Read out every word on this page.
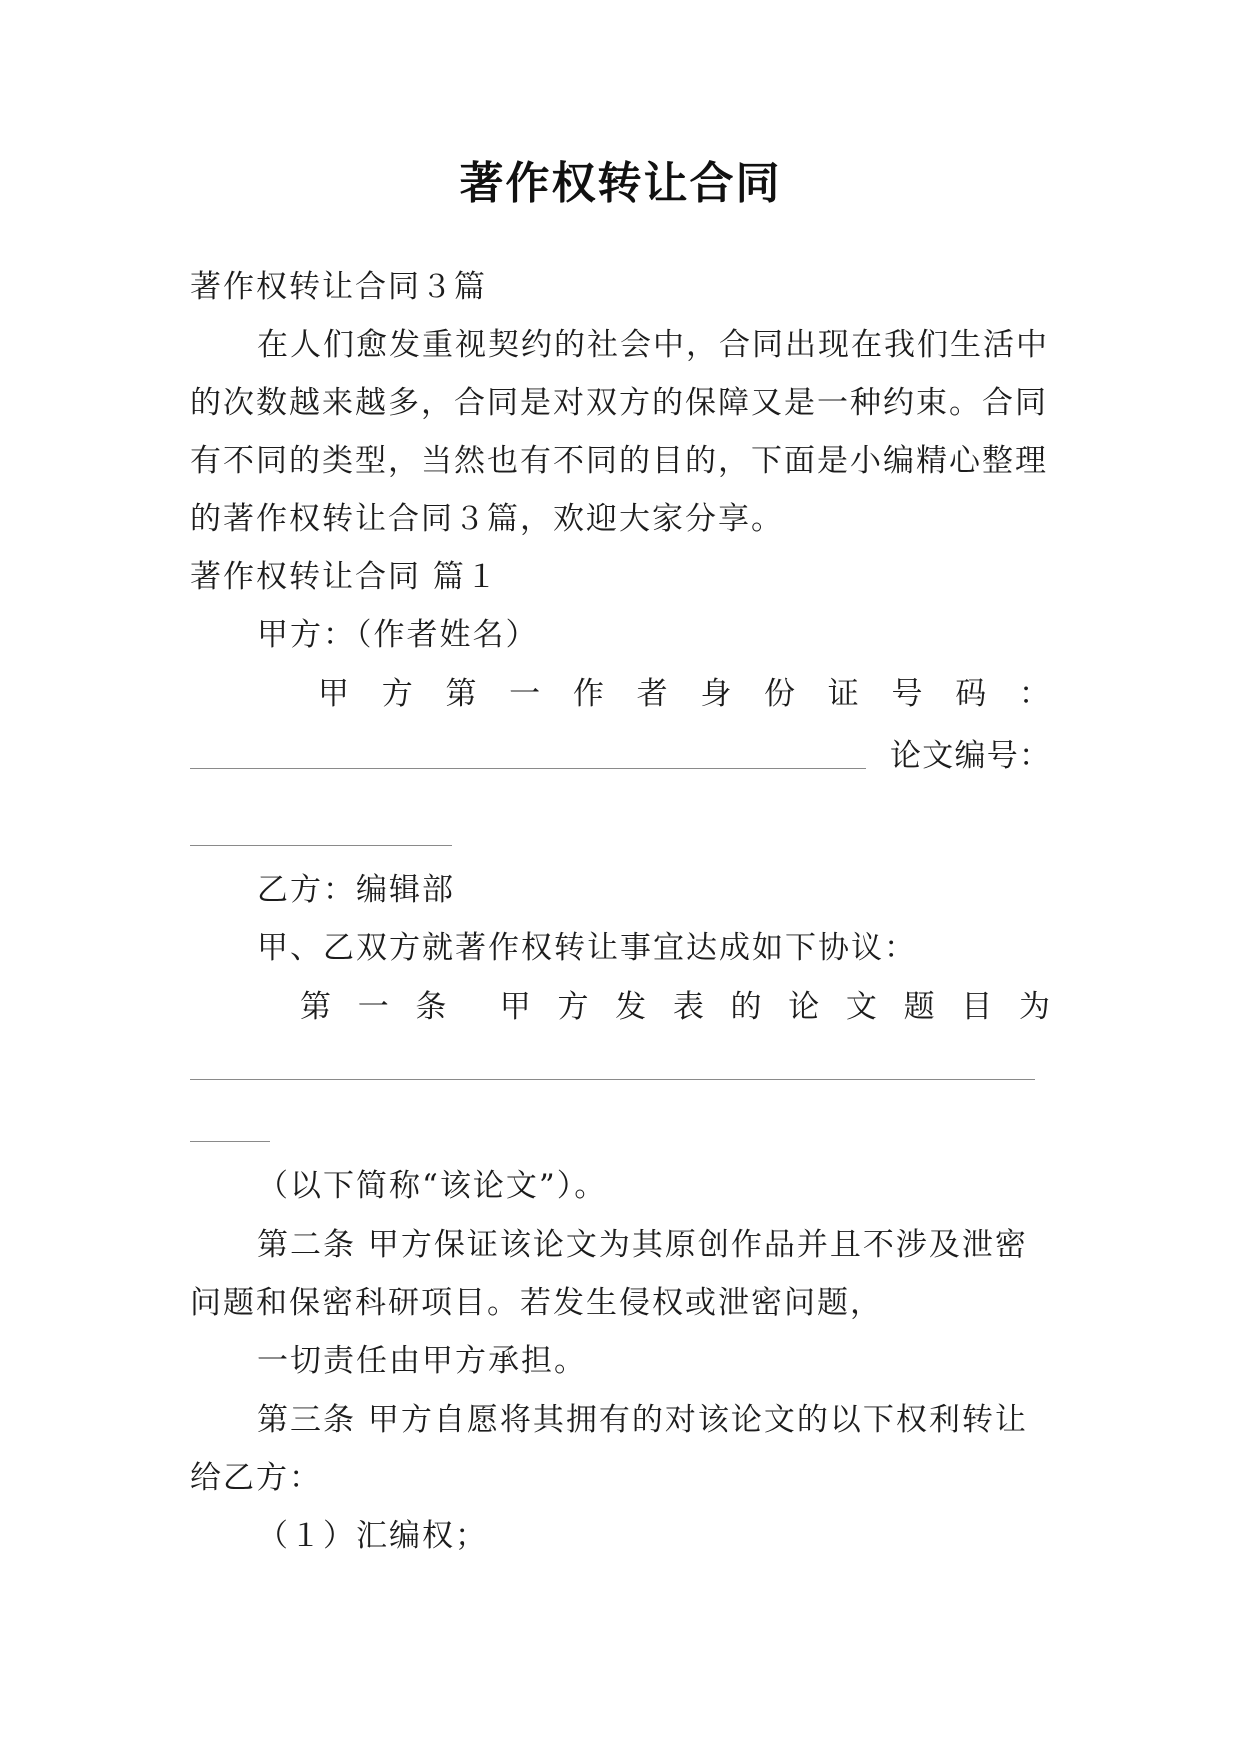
著作权转让合同
著作权转让合同３篇
在人们愈发重视契约的社会中，合同出现在我们生活中
的次数越来越多，合同是对双方的保障又是一种约束。合同
有不同的类型，当然也有不同的目的，下面是小编精心整理
的著作权转让合同３篇，欢迎大家分享。
著作权转让合同 篇１
甲方：（作者姓名）
甲 方 第 一 作 者 身 份 证 号 码 ：
论 文 编 号 ：
乙方：编辑部
甲、乙双方就著作权转让事宜达成如下协议：
第 一 条 甲 方 发 表 的 论 文 题 目 为
（以下简称“该论文”）。
第二条 甲方保证该论文为其原创作品并且不涉及泄密
问题和保密科研项目。若发生侵权或泄密问题，
一切责任由甲方承担。
第三条 甲方自愿将其拥有的对该论文的以下权利转让
给乙方：
（１）汇编权；
